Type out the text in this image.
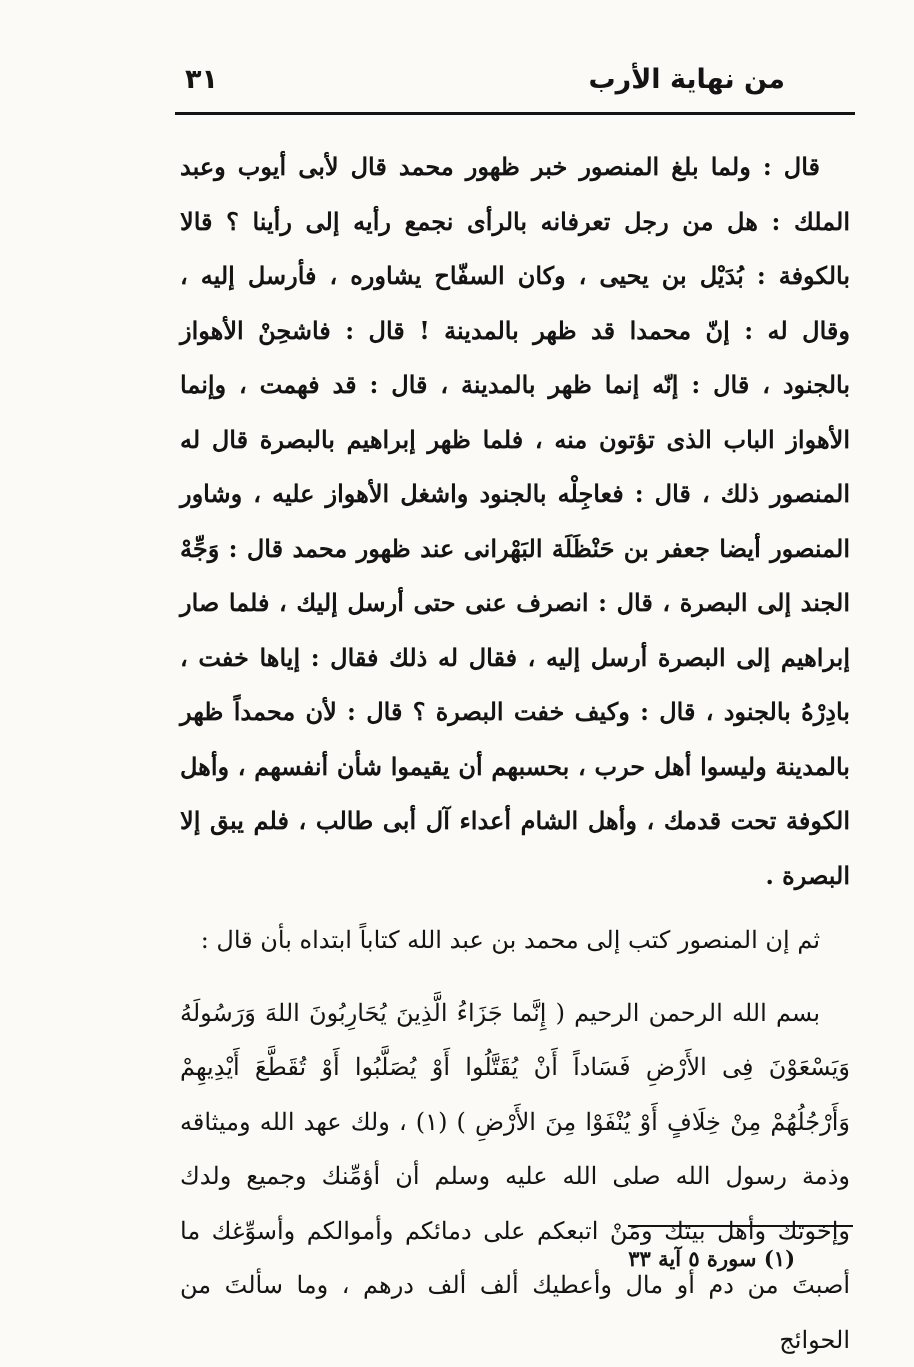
٣١	من نهاية الأرب

قال : ولما بلغ المنصور خبر ظهور محمد قال لأبى أيوب وعبد الملك : هل من رجل تعرفانه بالرأى نجمع رأيه إلى رأينا ؟ قالا بالكوفة : بُدَيْل بن يحيى ، وكان السفّاح يشاوره ، فأرسل إليه ، وقال له : إنّ محمدا قد ظهر بالمدينة ! قال : فاشحِنْ الأهواز بالجنود ، قال : إنّه إنما ظهر بالمدينة ، قال : قد فهمت ، وإنما الأهواز الباب الذى تؤتون منه ، فلما ظهر إبراهيم بالبصرة قال له المنصور ذلك ، قال : فعاجِلْه بالجنود واشغل الأهواز عليه ، وشاور المنصور أيضا جعفر بن حَنْظَلَة البَهْرانى عند ظهور محمد قال : وَجِّهْ الجند إلى البصرة ، قال : انصرف عنى حتى أرسل إليك ، فلما صار إبراهيم إلى البصرة أرسل إليه ، فقال له ذلك فقال : إياها خفت ، بادِرْهُ بالجنود ، قال : وكيف خفت البصرة ؟ قال : لأن محمداً ظهر بالمدينة وليسوا أهل حرب ، بحسبهم أن يقيموا شأن أنفسهم ، وأهل الكوفة تحت قدمك ، وأهل الشام أعداء آل أبى طالب ، فلم يبق إلا البصرة .

ثم إن المنصور كتب إلى محمد بن عبد الله كتاباً ابتداه بأن قال :

بسم الله الرحمن الرحيم ( إِنَّما جَزَاءُ الَّذِينَ يُحَارِبُونَ اللهَ وَرَسُولَهُ وَيَسْعَوْنَ فِى الأَرْضِ فَسَاداً أَنْ يُقَتَّلُوا أَوْ يُصَلَّبُوا أَوْ تُقَطَّعَ أَيْدِيهِمْ وَأَرْجُلُهُمْ مِنْ خِلَافٍ أَوْ يُنْفَوْا مِنَ الأَرْضِ ) (١) ، ولك عهد الله وميثاقه وذمة رسول الله صلى الله عليه وسلم أن أؤمِّنك وجميع ولدك وإخوتك وأهل بيتك ومَنْ اتبعكم على دمائكم وأموالكم وأسوِّغك ما أصبتَ من دم أو مال وأعطيك ألف ألف درهم ، وما سألتَ من الحوائج

(١) سورة ٥ آية ٣٣
